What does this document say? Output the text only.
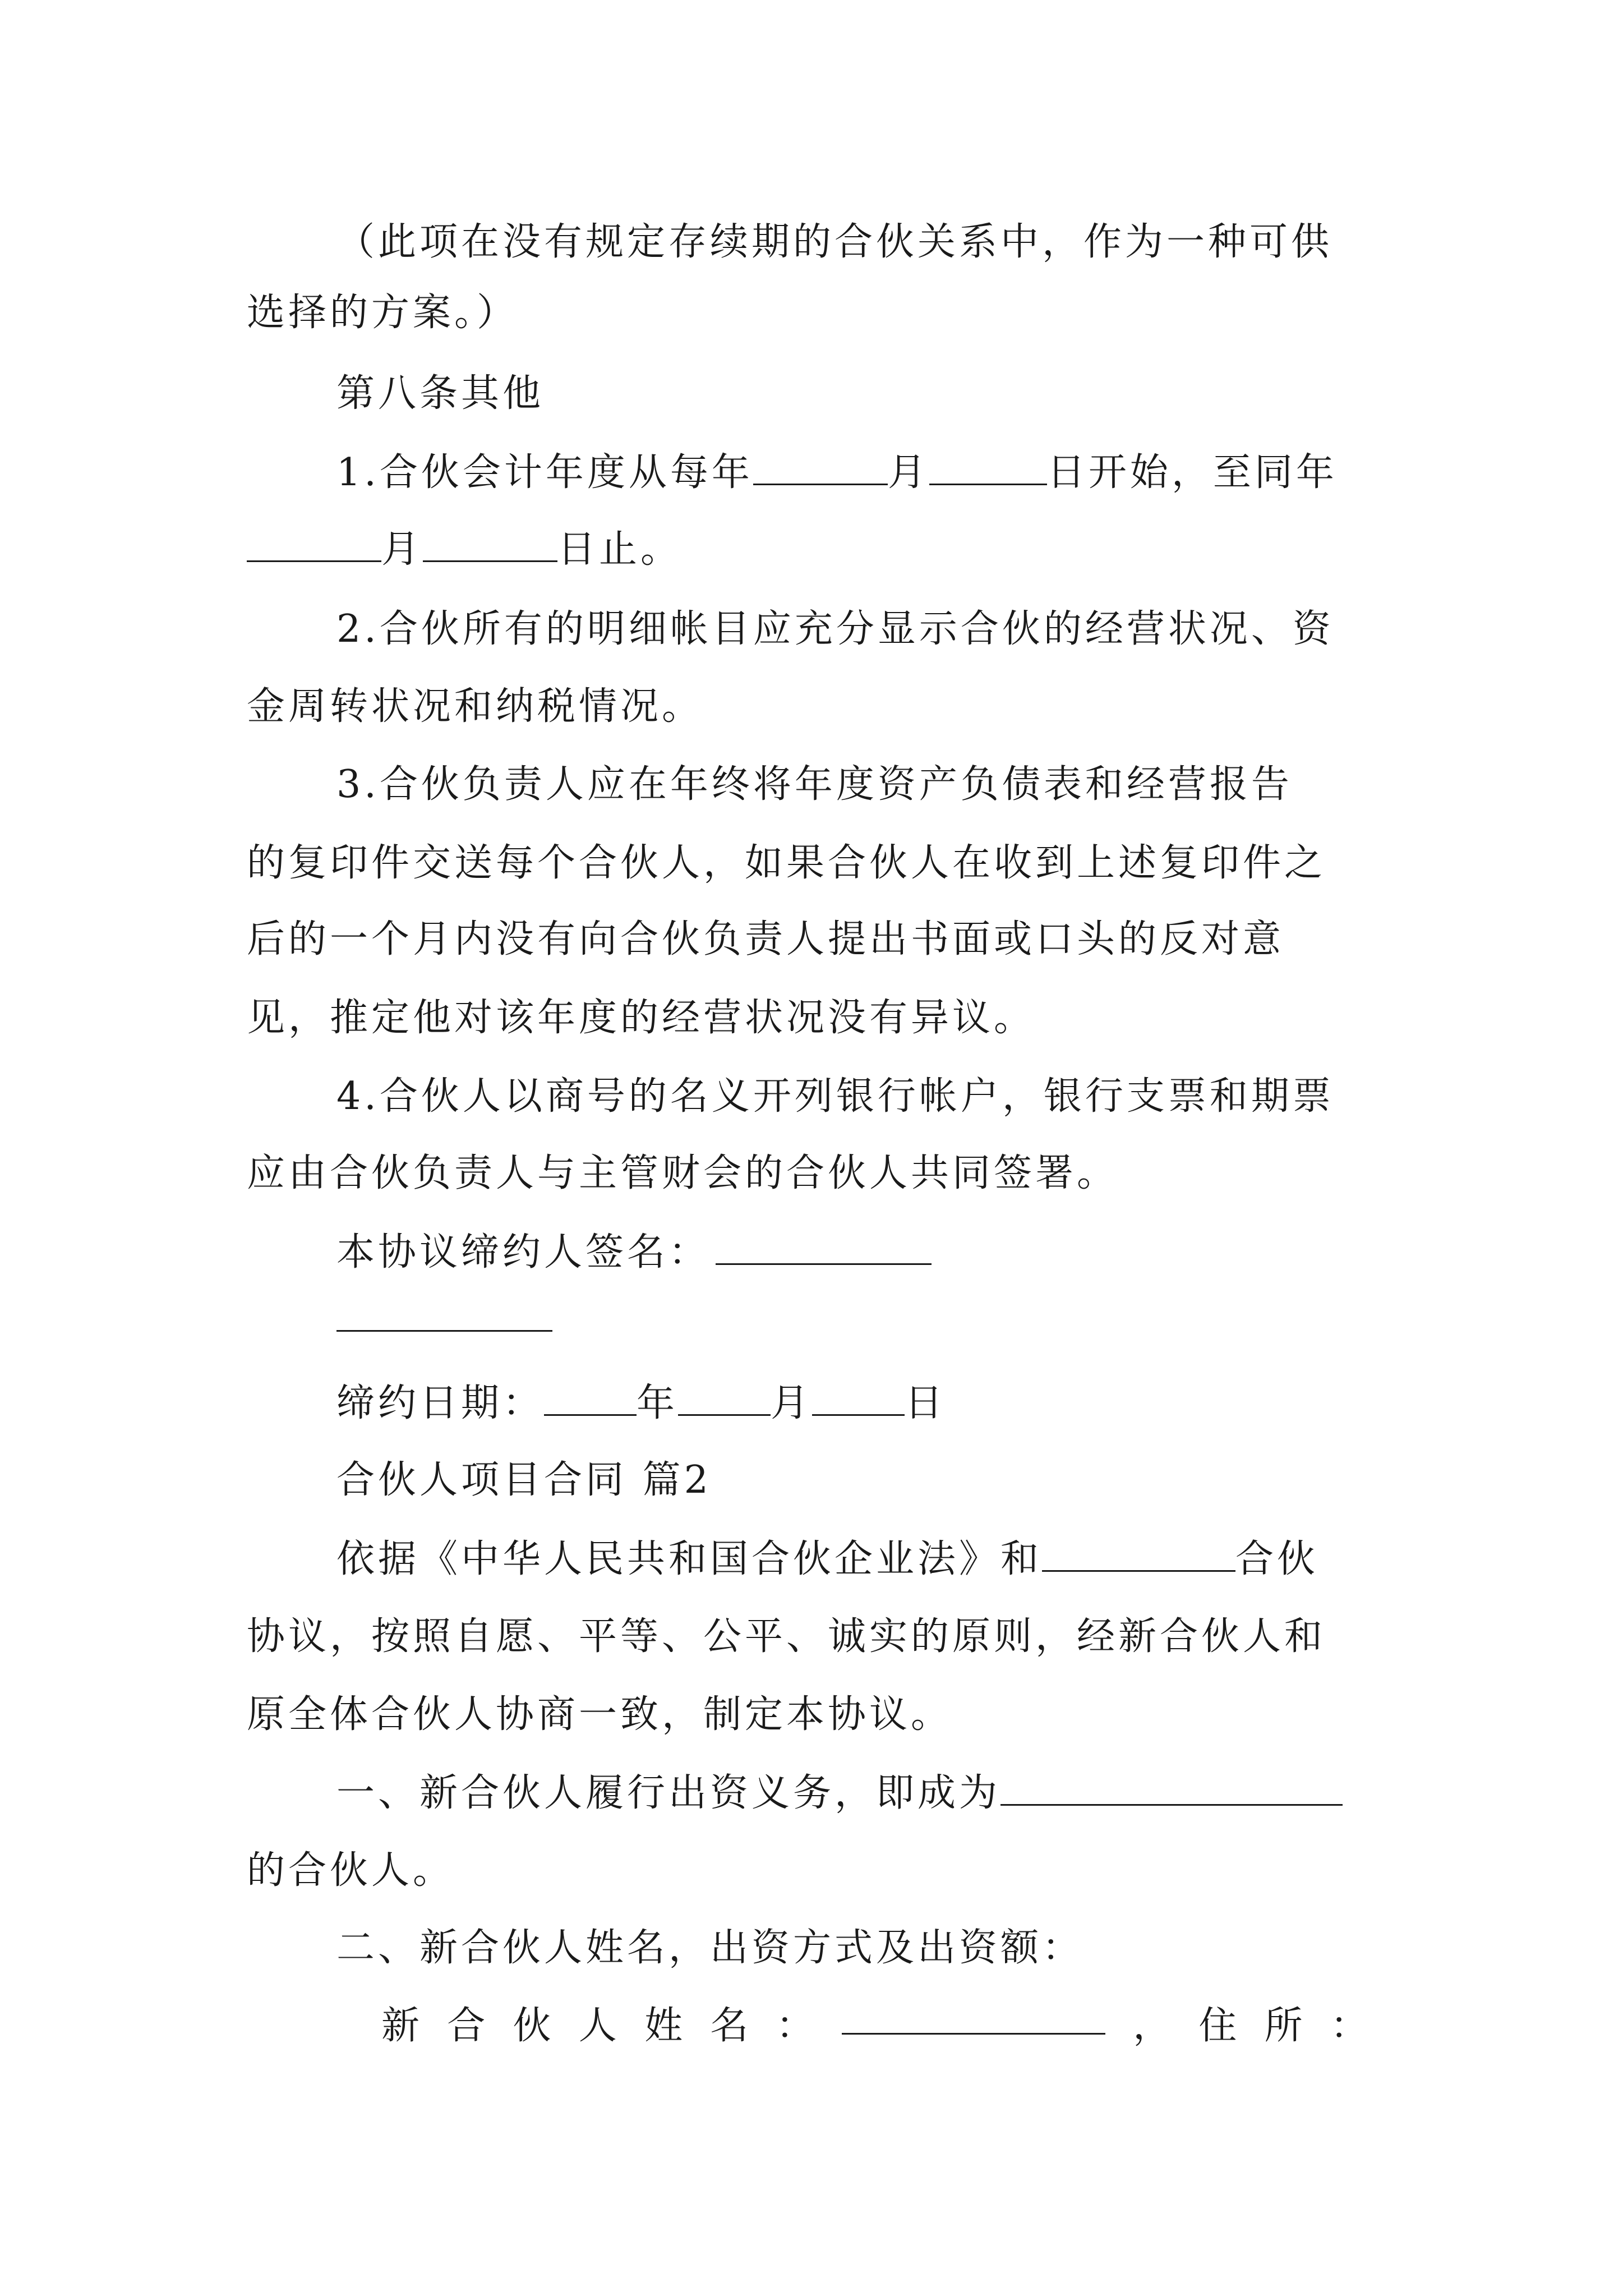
（此项在没有规定存续期的合伙关系中，作为一种可供
选择的方案。）
第八条其他
1.合伙会计年度从每年	月	日开始，至同年
月	日止。
2.合伙所有的明细帐目应充分显示合伙的经营状况、资
金周转状况和纳税情况。
3.合伙负责人应在年终将年度资产负债表和经营报告
的复印件交送每个合伙人，如果合伙人在收到上述复印件之
后的一个月内没有向合伙负责人提出书面或口头的反对意
见，推定他对该年度的经营状况没有异议。
4.合伙人以商号的名义开列银行帐户，银行支票和期票
应由合伙负责人与主管财会的合伙人共同签署。
本协议缔约人签名：
缔约日期： 年 月 日
合伙人项目合同 篇2
依据《中华人民共和国合伙企业法》和	合伙
协议，按照自愿、平等、公平、诚实的原则，经新合伙人和
原全体合伙人协商一致，制定本协议。
一、新合伙人履行出资义务，即成为
的合伙人。
二、新合伙人姓名，出资方式及出资额：
新 合 伙 人 姓 名 ：	， 住 所 ：
